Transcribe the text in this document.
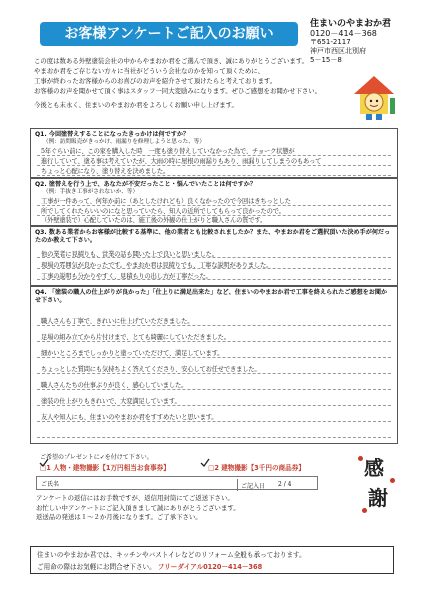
お客様アンケートご記入のお願い
住まいのやまおか君
0120－414－368
〒651-2117
神戸市西区北別府
5－15－8
この度は数ある外壁塗装会社の中からやまおか君をご選んで頂き、誠にありがとうございます。
やまおか君をご存じない方々に当社がどういう会社なのかを知って頂くために、
工事が終わったお客様からのお喜びのお声を紹介させて頂けたらと考えております。
お客様のお声を聞かせて頂く事はスタッフ一同大変励みになります。ぜひご感想をお聞かせ下さい。
今後とも末永く、住まいのやまおか君をよろしくお願い申し上げます。
Q1. 今回塗替えすることになったきっかけは何ですか？
（例：訪問販売がきっかけ、雨漏りを修理しようと思った、等）
5年ぐらい前に、この家を購入した時　一度も塗り替えしていなかった為で、チョーク状態が
進行していて、塗る事は考えていたが、大雨の時に屋根の雨漏りもあり、雨漏りしてしまうのもあって
ちょっと心配になり、塗り替えを決めました。
Q2. 塗替えを行う上で、あなたが不安だったこと・悩んでいたことは何ですか？
（例：手抜き工事がされないか、等）
工事が一件あって、何年か前に（あとしたけれども）良くなかったので今回はきちっとした
所でしてくれたらいいのになと思っていたら、知人の近所でしてもらって良かったので。
（外壁塗装で）心配していたのは、施工後の外観の仕上がりと職人さんの質です。
Q3. 数ある業者からお客様が比較する基準に、他の業者とも比較されましたか？また、やまおか君をご選択頂いた決め手が何だったのか教えて下さい。
他の業者に見積りも、営業の話も聞いた上で良いと思いました。
現場の雰囲気が良かったです。やまおか君は見積りでも、丁寧な説明がありました。
工事の説明も分かりやすく、見積もりの出し方が丁寧だった。
Q4. 「塗装の職人の仕上がりが良かった」「仕上りに満足出来た」など、住まいのやまおか君で工事を終えられたご感想をお聞かせ下さい。
職人さんも丁寧で、きれいに仕上げていただきました。
足場の組み立てから片付けまで、とても綺麗にしていただきました。
細かいところまでしっかりと塗っていただけて、満足しています。
ちょっとした質問にも気持ちよく答えてくださり、安心してお任せできました。
職人さんたちの仕事ぶりが良く、感心していました。
塗装の仕上がりもきれいで、大変満足しています。
友人や知人にも、住まいのやまおか君をすすめたいと思います。
ご希望のプレゼントに✓を付けて下さい。
□1 人物・建物撮影【1万円相当お食事券】	□2 建物撮影【3千円の商品券】
ご氏名	ご記入日 2 / 4
アンケートの返信にはお手数ですが、返信用封筒にてご返送下さい。
お忙しい中アンケートにご記入頂きまして誠にありがとうございます。
返送品の発送は１～２か月後になります。ご了承下さい。
感
謝
住まいのやまおか君では、キッチンやバストイレなどのリフォーム全般も承っております。
ご用命の際はお気軽にお問合せ下さい。 フリーダイアル0120－414－368
